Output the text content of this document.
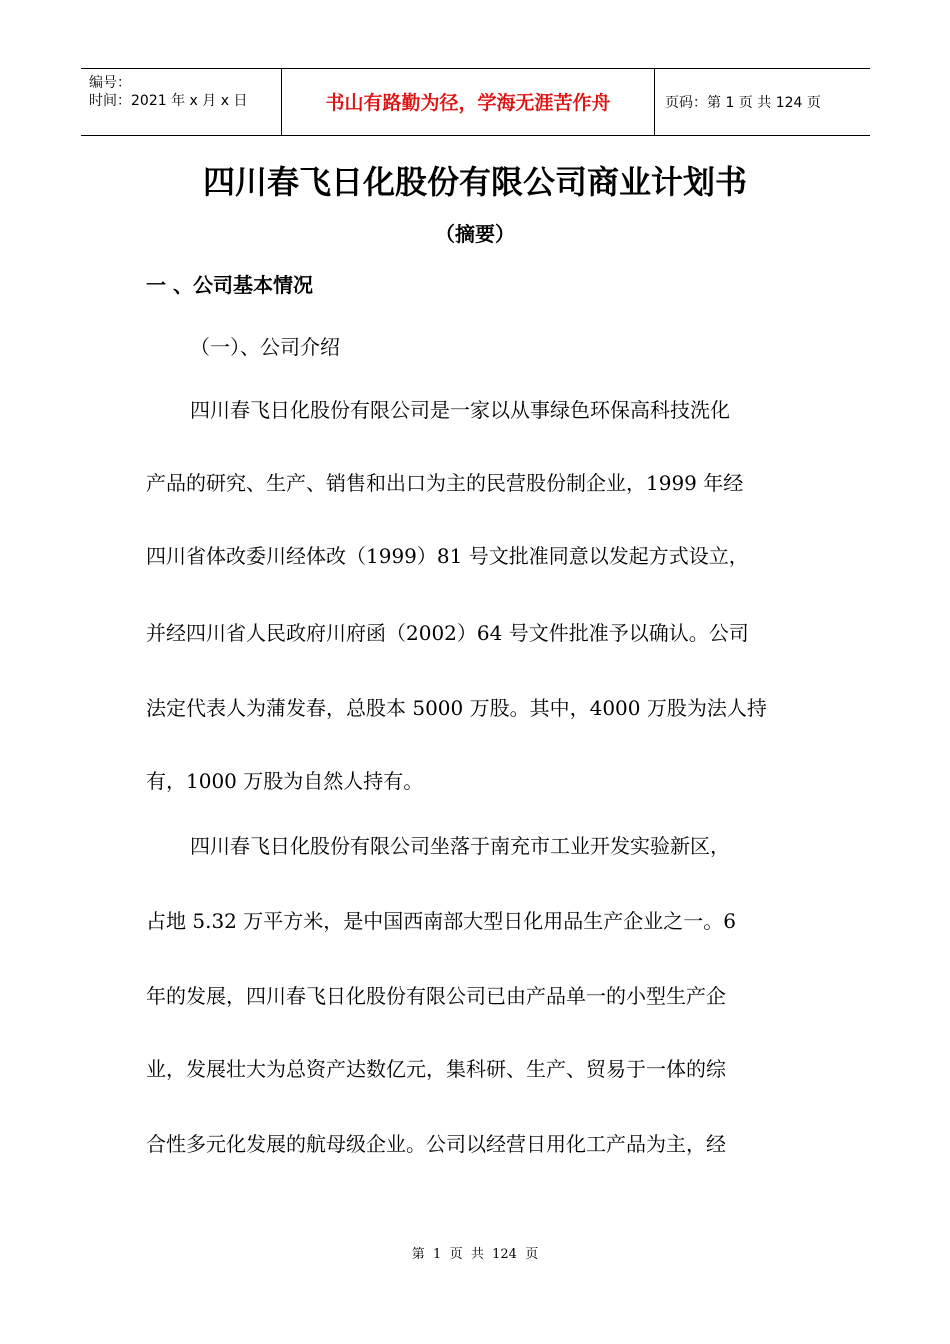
编号：
时间：2021 年 x 月 x 日	书山有路勤为径，学海无涯苦作舟	页码：第 1 页 共 124 页
四川春飞日化股份有限公司商业计划书
（摘要）
一 、公司基本情况
（一）、公司介绍
四川春飞日化股份有限公司是一家以从事绿色环保高科技洗化
产品的研究、生产、销售和出口为主的民营股份制企业，1999 年经
四川省体改委川经体改（1999）81 号文批准同意以发起方式设立，
并经四川省人民政府川府函（2002）64 号文件批准予以确认。公司
法定代表人为蒲发春，总股本 5000 万股。其中，4000 万股为法人持
有，1000 万股为自然人持有。
四川春飞日化股份有限公司坐落于南充市工业开发实验新区，
占地 5.32 万平方米，是中国西南部大型日化用品生产企业之一。6
年的发展，四川春飞日化股份有限公司已由产品单一的小型生产企
业，发展壮大为总资产达数亿元，集科研、生产、贸易于一体的综
合性多元化发展的航母级企业。公司以经营日用化工产品为主，经
第  1  页  共  124  页
